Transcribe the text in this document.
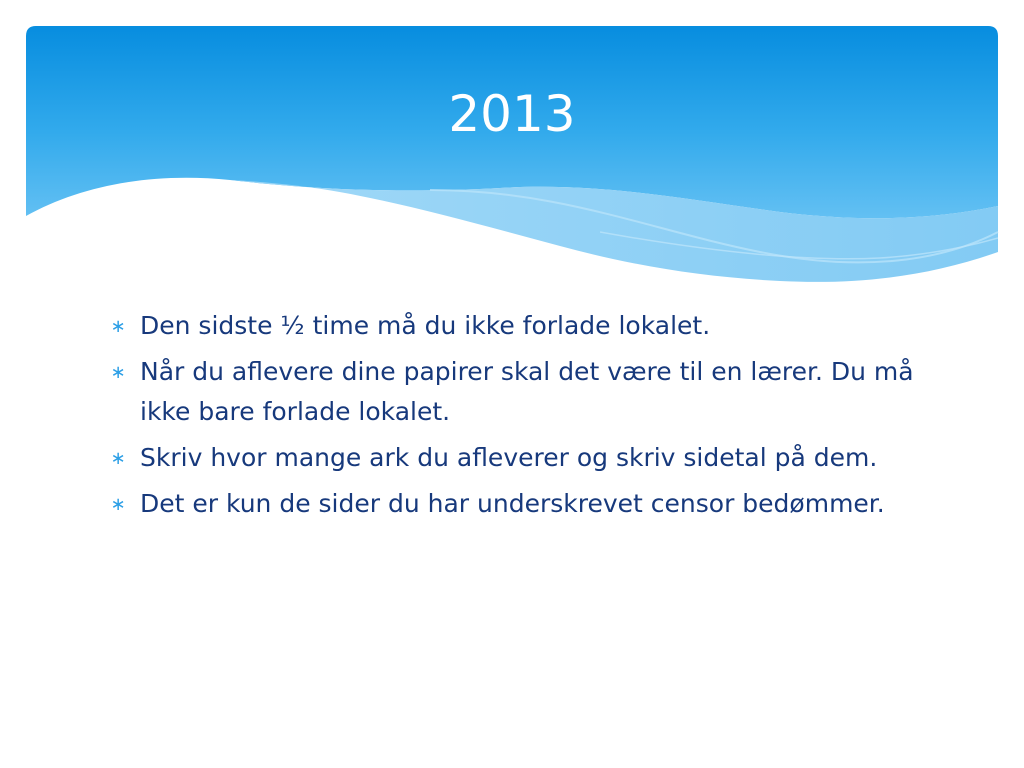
2013
∗ Den sidste ½ time må du ikke forlade lokalet.
∗ Når du aflevere dine papirer skal det være til en lærer. Du må ikke bare forlade lokalet.
∗ Skriv hvor mange ark du afleverer og skriv sidetal på dem.
∗ Det er kun de sider du har underskrevet censor bedømmer.
